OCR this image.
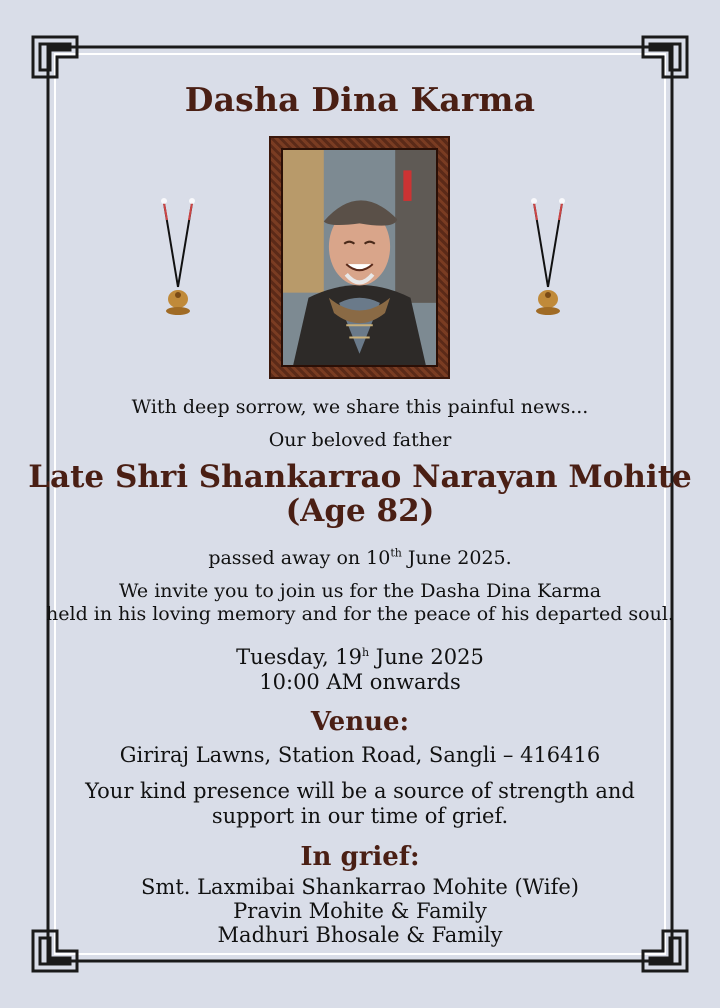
Dasha Dina Karma
With deep sorrow, we share this painful news...
Our beloved father
Late Shri Shankarrao Narayan Mohite
(Age 82)
passed away on 10th June 2025.
We invite you to join us for the Dasha Dina Karma
held in his loving memory and for the peace of his departed soul.
Tuesday, 19$^h$ June 2025
10:00 AM onwards
Venue:
Giriraj Lawns, Station Road, Sangli – 416416
Your kind presence will be a source of strength and
support in our time of grief.
In grief:
Smt. Laxmibai Shankarrao Mohite (Wife)
Pravin Mohite & Family
Madhuri Bhosale & Family
